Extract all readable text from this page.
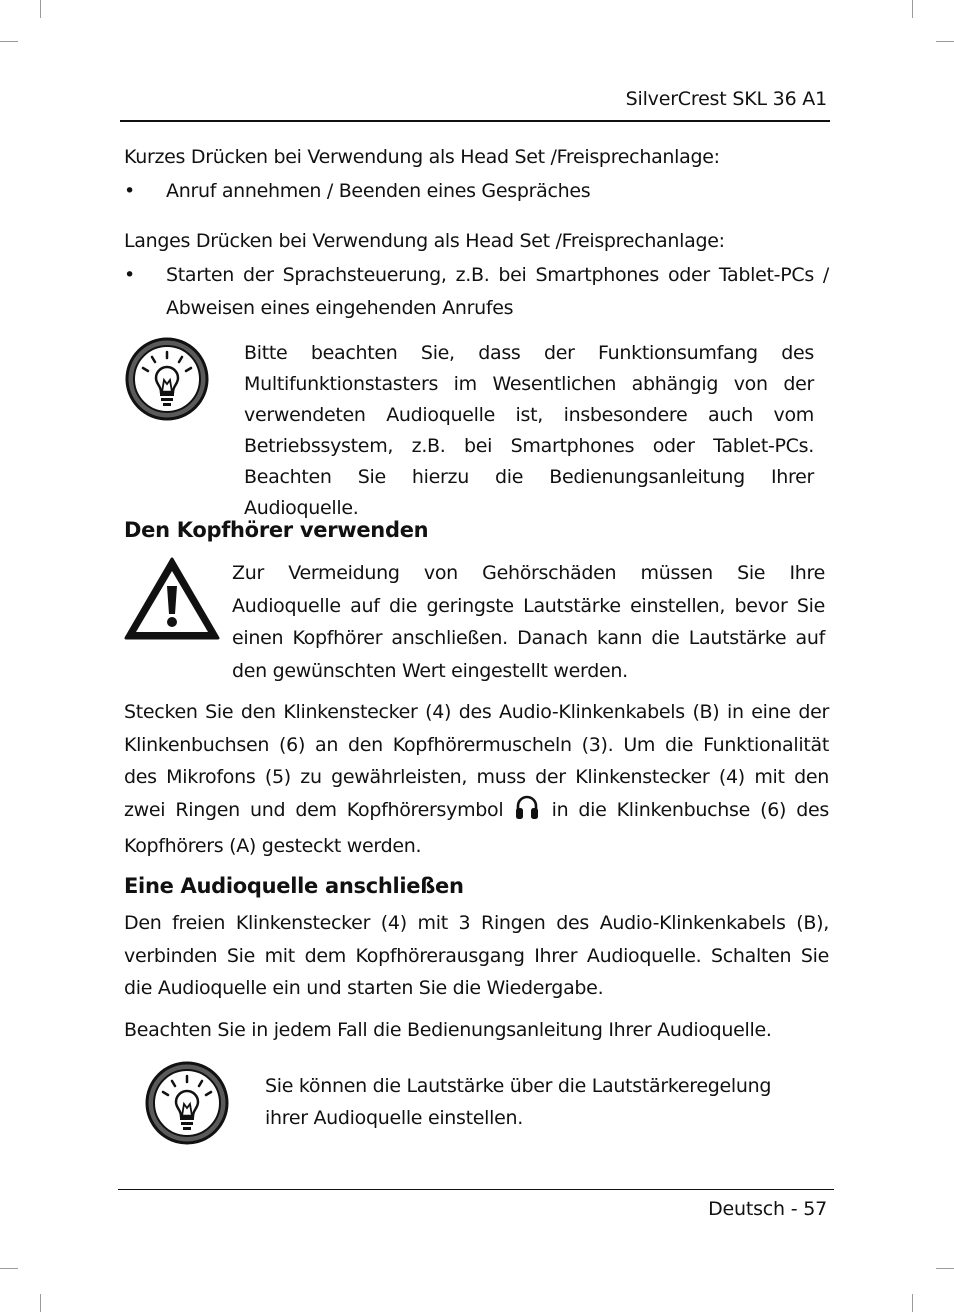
SilverCrest SKL 36 A1
Kurzes Drücken bei Verwendung als Head Set /Freisprechanlage:
• Anruf annehmen / Beenden eines Gespräches
Langes Drücken bei Verwendung als Head Set /Freisprechanlage:
• Starten der Sprachsteuerung, z.B. bei Smartphones oder Tablet-PCs / Abweisen eines eingehenden Anrufes
Bitte beachten Sie, dass der Funktionsumfang des Multifunktionstasters im Wesentlichen abhängig von der verwendeten Audioquelle ist, insbesondere auch vom Betriebssystem, z.B. bei Smartphones oder Tablet-PCs. Beachten Sie hierzu die Bedienungsanleitung Ihrer Audioquelle.
Den Kopfhörer verwenden
Zur Vermeidung von Gehörschäden müssen Sie Ihre Audioquelle auf die geringste Lautstärke einstellen, bevor Sie einen Kopfhörer anschließen. Danach kann die Lautstärke auf den gewünschten Wert eingestellt werden.
Stecken Sie den Klinkenstecker (4) des Audio-Klinkenkabels (B) in eine der Klinkenbuchsen (6) an den Kopfhörermuscheln (3). Um die Funktionalität des Mikrofons (5) zu gewährleisten, muss der Klinkenstecker (4) mit den zwei Ringen und dem Kopfhörersymbol	in die Klinkenbuchse (6) des Kopfhörers (A) gesteckt werden.
Eine Audioquelle anschließen
Den freien Klinkenstecker (4) mit 3 Ringen des Audio-Klinkenkabels (B), verbinden Sie mit dem Kopfhörerausgang Ihrer Audioquelle. Schalten Sie die Audioquelle ein und starten Sie die Wiedergabe.
Beachten Sie in jedem Fall die Bedienungsanleitung Ihrer Audioquelle.
Sie können die Lautstärke über die Lautstärkeregelung ihrer Audioquelle einstellen.
Deutsch - 57
